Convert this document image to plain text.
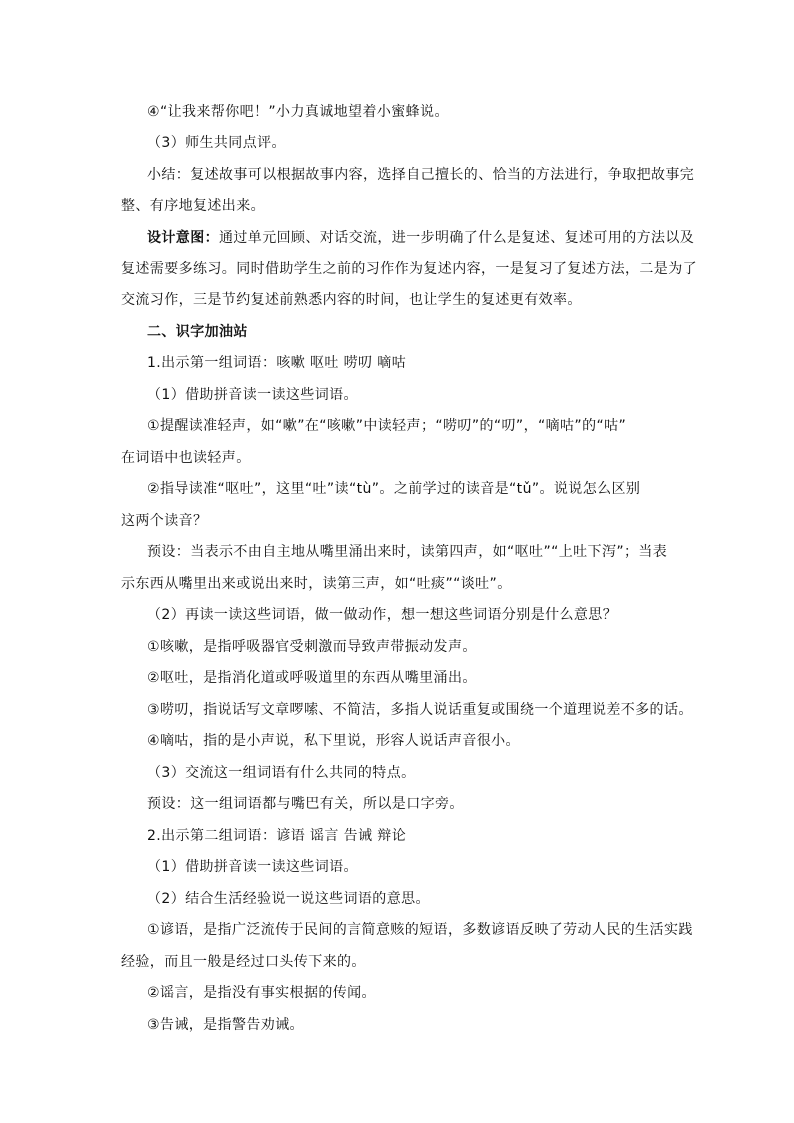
④“让我来帮你吧！”小力真诚地望着小蜜蜂说。
（3）师生共同点评。
小结：复述故事可以根据故事内容，选择自己擅长的、恰当的方法进行，争取把故事完
整、有序地复述出来。
设计意图：通过单元回顾、对话交流，进一步明确了什么是复述、复述可用的方法以及
复述需要多练习。同时借助学生之前的习作作为复述内容，一是复习了复述方法，二是为了
交流习作，三是节约复述前熟悉内容的时间，也让学生的复述更有效率。
二、识字加油站
1.出示第一组词语：咳嗽 呕吐 唠叨 嘀咕
（1）借助拼音读一读这些词语。
①提醒读准轻声，如“嗽”在“咳嗽”中读轻声；“唠叨”的“叨”，“嘀咕”的“咕”
在词语中也读轻声。
②指导读准“呕吐”，这里“吐”读“tù”。之前学过的读音是“tǔ”。说说怎么区别
这两个读音？
预设：当表示不由自主地从嘴里涌出来时，读第四声，如“呕吐”“上吐下泻”；当表
示东西从嘴里出来或说出来时，读第三声，如“吐痰”“谈吐”。
（2）再读一读这些词语，做一做动作，想一想这些词语分别是什么意思？
①咳嗽，是指呼吸器官受刺激而导致声带振动发声。
②呕吐，是指消化道或呼吸道里的东西从嘴里涌出。
③唠叨，指说话写文章啰嗦、不简洁，多指人说话重复或围绕一个道理说差不多的话。
④嘀咕，指的是小声说，私下里说，形容人说话声音很小。
（3）交流这一组词语有什么共同的特点。
预设：这一组词语都与嘴巴有关，所以是口字旁。
2.出示第二组词语：谚语 谣言 告诫 辩论
（1）借助拼音读一读这些词语。
（2）结合生活经验说一说这些词语的意思。
①谚语，是指广泛流传于民间的言简意赅的短语，多数谚语反映了劳动人民的生活实践
经验，而且一般是经过口头传下来的。
②谣言，是指没有事实根据的传闻。
③告诫，是指警告劝诫。
